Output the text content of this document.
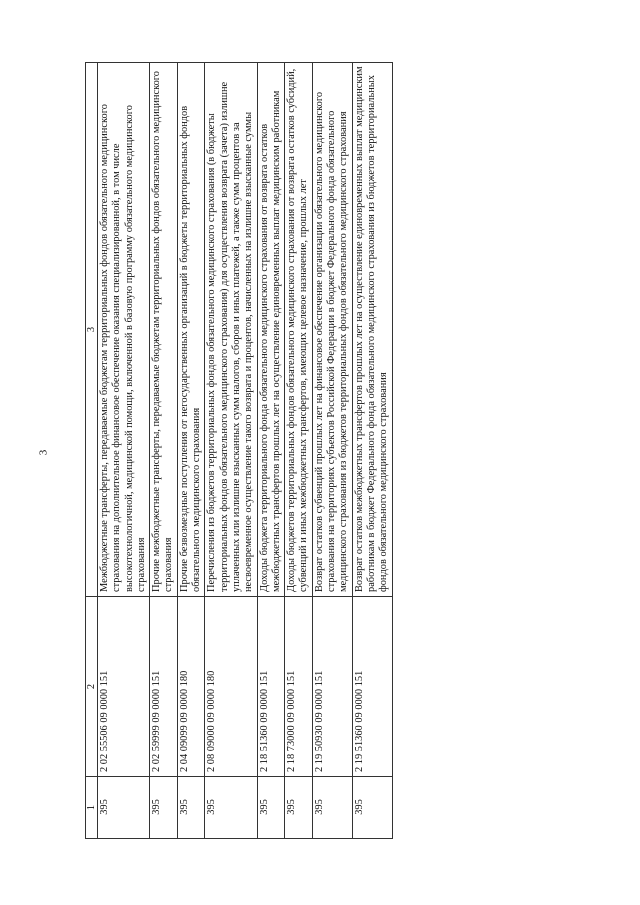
3
1	2	3
395	2 02 55506 09 0000 151	Межбюджетные трансферты, передаваемые бюджетам территориальных фондов обязательного медицинского страхования на дополнительное финансовое обеспечение оказания специализированной, в том числе высокотехнологичной, медицинской помощи, включенной в базовую программу обязательного медицинского страхования
395	2 02 59999 09 0000 151	Прочие межбюджетные трансферты, передаваемые бюджетам территориальных фондов обязательного медицинского страхования
395	2 04 09099 09 0000 180	Прочие безвозмездные поступления от негосударственных организаций в бюджеты территориальных фондов обязательного медицинского страхования
395	2 08 09000 09 0000 180	Перечисления из бюджетов территориальных фондов обязательного медицинского страхования (в бюджеты территориальных фондов обязательного медицинского страхования) для осуществления возврата (зачета) излишне уплаченных или излишне взысканных сумм налогов, сборов и иных платежей, а также сумм процентов за несвоевременное осуществление такого возврата и процентов, начисленных на излишне взысканные суммы
395	2 18 51360 09 0000 151	Доходы бюджета территориального фонда обязательного медицинского страхования от возврата остатков межбюджетных трансфертов прошлых лет на осуществление единовременных выплат медицинским работникам
395	2 18 73000 09 0000 151	Доходы бюджетов территориальных фондов обязательного медицинского страхования от возврата остатков субсидий, субвенций и иных межбюджетных трансфертов, имеющих целевое назначение, прошлых лет
395	2 19 50930 09 0000 151	Возврат остатков субвенций прошлых лет на финансовое обеспечение организации обязательного медицинского страхования на территориях субъектов Российской Федерации в бюджет Федерального фонда обязательного медицинского страхования из бюджетов территориальных фондов обязательного медицинского страхования
395	2 19 51360 09 0000 151	Возврат остатков межбюджетных трансфертов прошлых лет на осуществление единовременных выплат медицинским работникам в бюджет Федерального фонда обязательного медицинского страхования из бюджетов территориальных фондов обязательного медицинского страхования
